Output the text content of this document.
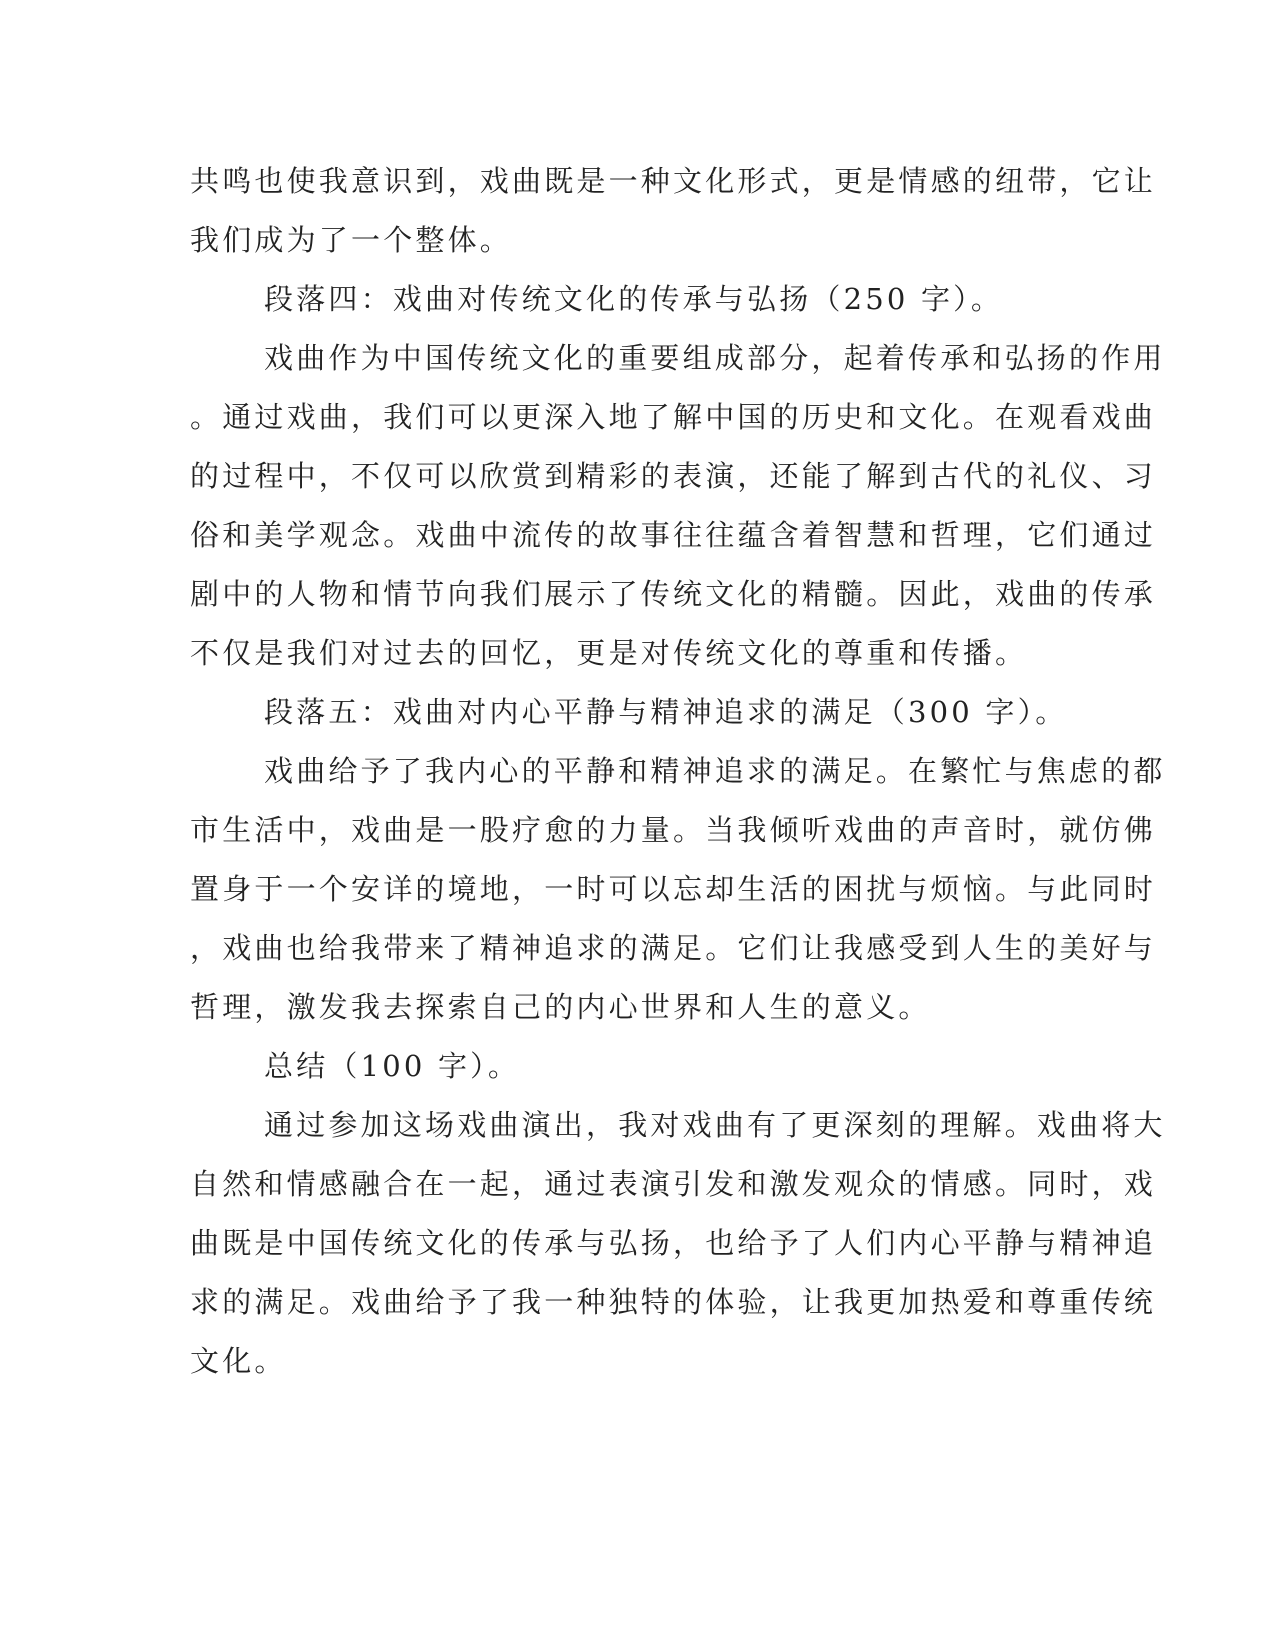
共鸣也使我意识到，戏曲既是一种文化形式，更是情感的纽带，它让
我们成为了一个整体。
段落四：戏曲对传统文化的传承与弘扬（250 字）。
戏曲作为中国传统文化的重要组成部分，起着传承和弘扬的作用
。通过戏曲，我们可以更深入地了解中国的历史和文化。在观看戏曲
的过程中，不仅可以欣赏到精彩的表演，还能了解到古代的礼仪、习
俗和美学观念。戏曲中流传的故事往往蕴含着智慧和哲理，它们通过
剧中的人物和情节向我们展示了传统文化的精髓。因此，戏曲的传承
不仅是我们对过去的回忆，更是对传统文化的尊重和传播。
段落五：戏曲对内心平静与精神追求的满足（300 字）。
戏曲给予了我内心的平静和精神追求的满足。在繁忙与焦虑的都
市生活中，戏曲是一股疗愈的力量。当我倾听戏曲的声音时，就仿佛
置身于一个安详的境地，一时可以忘却生活的困扰与烦恼。与此同时
，戏曲也给我带来了精神追求的满足。它们让我感受到人生的美好与
哲理，激发我去探索自己的内心世界和人生的意义。
总结（100 字）。
通过参加这场戏曲演出，我对戏曲有了更深刻的理解。戏曲将大
自然和情感融合在一起，通过表演引发和激发观众的情感。同时，戏
曲既是中国传统文化的传承与弘扬，也给予了人们内心平静与精神追
求的满足。戏曲给予了我一种独特的体验，让我更加热爱和尊重传统
文化。
